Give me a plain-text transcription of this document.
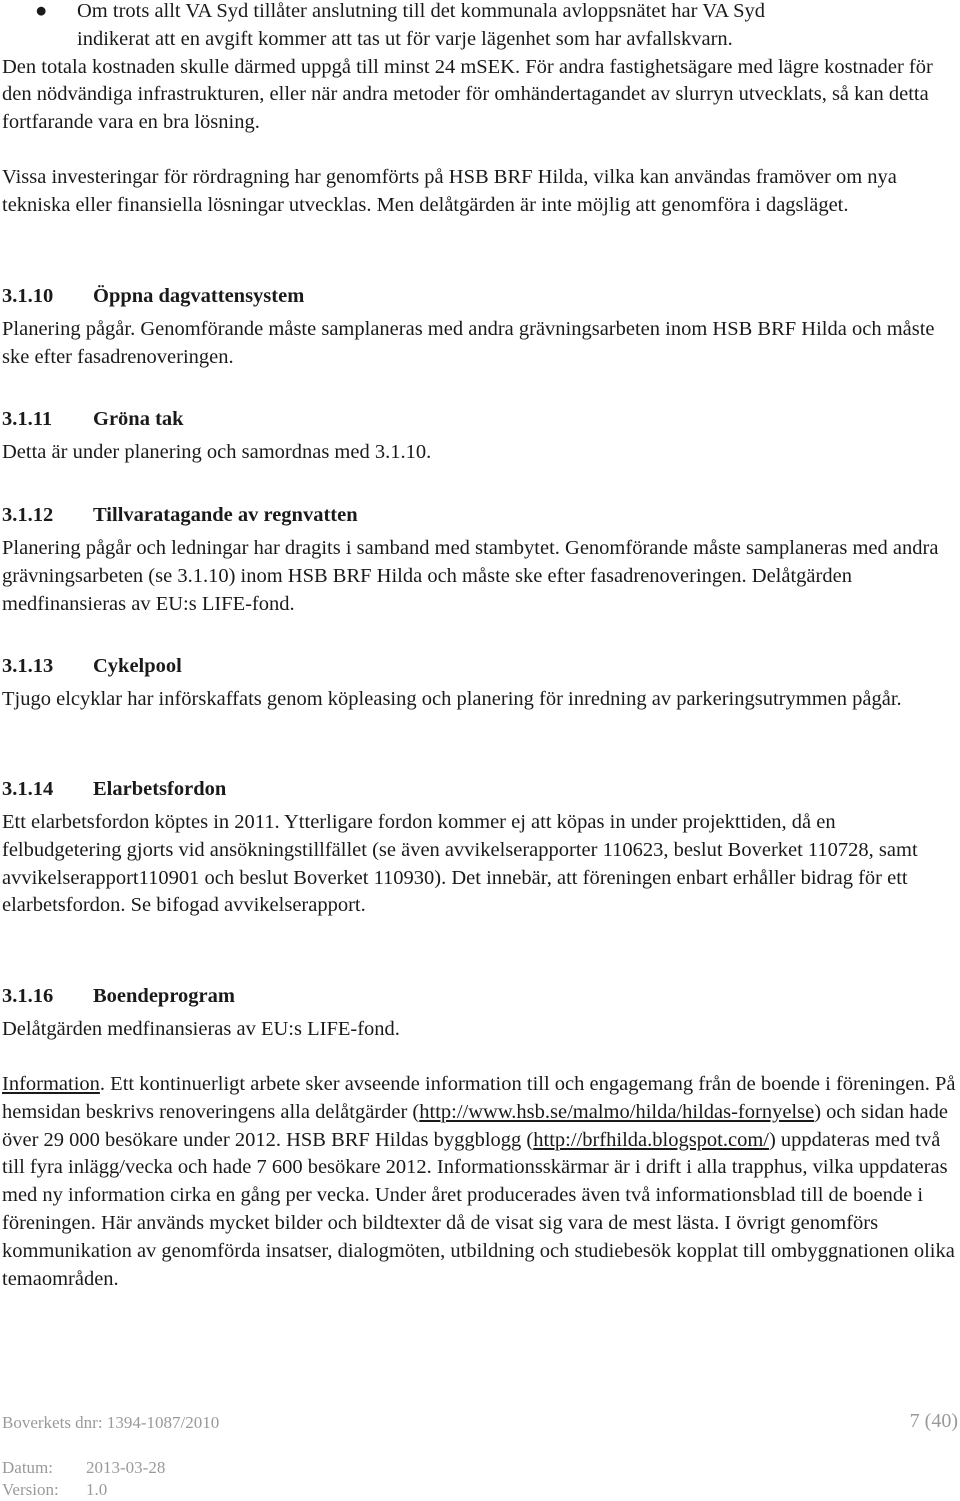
●	Om trots allt VA Syd tillåter anslutning till det kommunala avloppsnätet har VA Syd
indikerat att en avgift kommer att tas ut för varje lägenhet som har avfallskvarn.
Den totala kostnaden skulle därmed uppgå till minst 24 mSEK. För andra fastighetsägare med lägre kostnader för den nödvändiga infrastrukturen, eller när andra metoder för omhändertagandet av slurryn utvecklats, så kan detta fortfarande vara en bra lösning.

Vissa investeringar för rördragning har genomförts på HSB BRF Hilda, vilka kan användas framöver om nya tekniska eller finansiella lösningar utvecklas. Men delåtgärden är inte möjlig att genomföra i dagsläget.

3.1.10 Öppna dagvattensystem

Planering pågår. Genomförande måste samplaneras med andra grävningsarbeten inom HSB BRF Hilda och måste ske efter fasadrenoveringen.

3.1.11 Gröna tak

Detta är under planering och samordnas med 3.1.10.

3.1.12 Tillvaratagande av regnvatten

Planering pågår och ledningar har dragits i samband med stambytet. Genomförande måste samplaneras med andra grävningsarbeten (se 3.1.10) inom HSB BRF Hilda och måste ske efter fasadrenoveringen. Delåtgärden medfinansieras av EU:s LIFE-fond.

3.1.13 Cykelpool

Tjugo elcyklar har införskaffats genom köpleasing och planering för inredning av parkeringsutrymmen pågår.

3.1.14 Elarbetsfordon

Ett elarbetsfordon köptes in 2011. Ytterligare fordon kommer ej att köpas in under projekttiden, då en felbudgetering gjorts vid ansökningstillfället (se även avvikelserapporter 110623, beslut Boverket 110728, samt avvikelserapport110901 och beslut Boverket 110930). Det innebär, att föreningen enbart erhåller bidrag för ett elarbetsfordon. Se bifogad avvikelserapport.

3.1.16 Boendeprogram

Delåtgärden medfinansieras av EU:s LIFE-fond.

Information. Ett kontinuerligt arbete sker avseende information till och engagemang från de boende i föreningen. På hemsidan beskrivs renoveringens alla delåtgärder (http://www.hsb.se/malmo/hilda/hildas-fornyelse) och sidan hade över 29 000 besökare under 2012. HSB BRF Hildas byggblogg (http://brfhilda.blogspot.com/) uppdateras med två till fyra inlägg/vecka och hade 7 600 besökare 2012. Informationsskärmar är i drift i alla trapphus, vilka uppdateras med ny information cirka en gång per vecka. Under året producerades även två informationsblad till de boende i föreningen. Här används mycket bilder och bildtexter då de visat sig vara de mest lästa. I övrigt genomförs kommunikation av genomförda insatser, dialogmöten, utbildning och studiebesök kopplat till ombyggnationen olika temaområden.

Boverkets dnr: 1394-1087/2010	7 (40)
Datum: 2013-03-28
Version: 1.0
